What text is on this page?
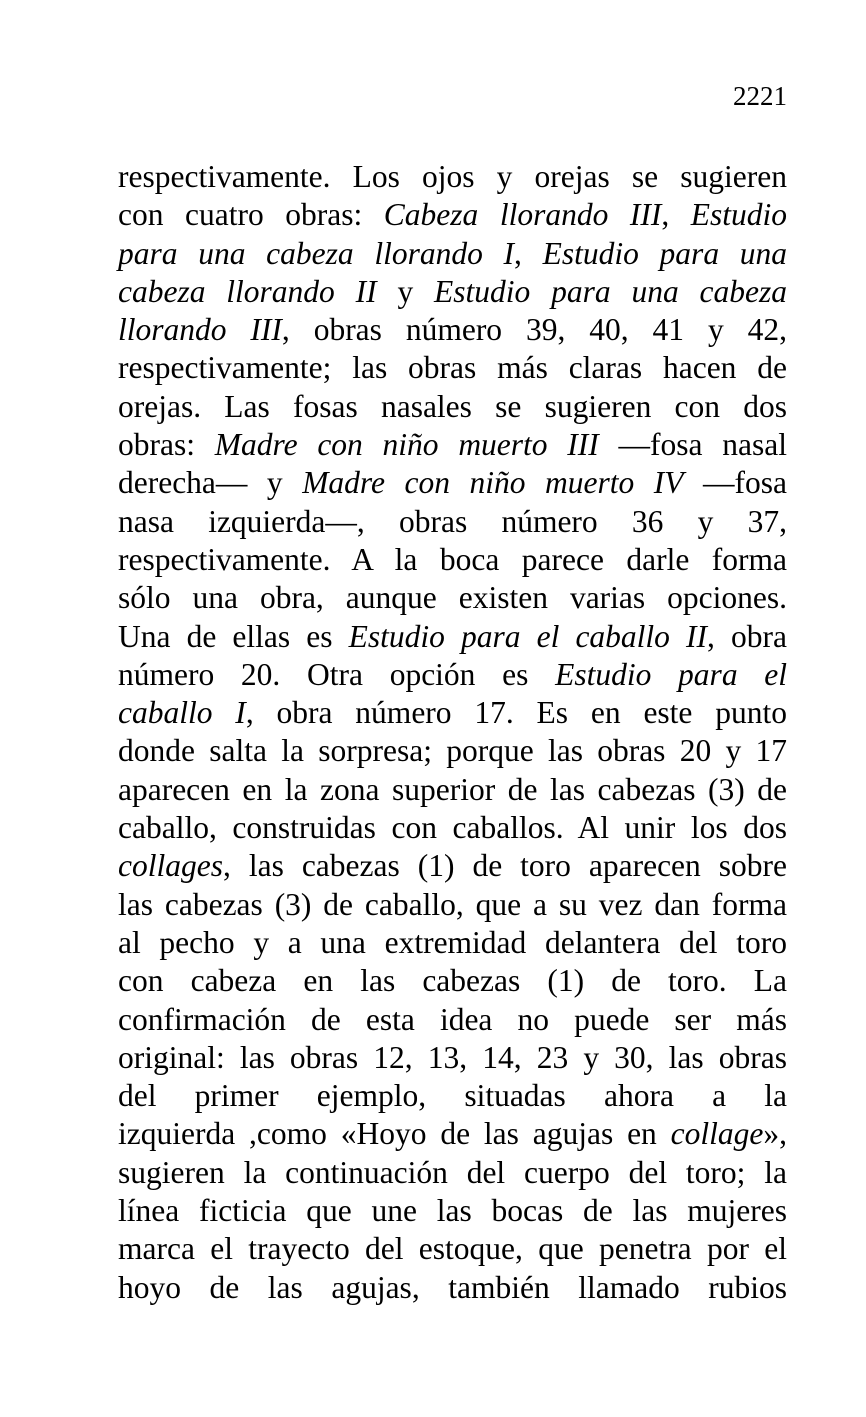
2221
respectivamente. Los ojos y orejas se sugieren
con cuatro obras: Cabeza llorando III, Estudio
para una cabeza llorando I, Estudio para una
cabeza llorando II y Estudio para una cabeza
llorando III, obras número 39, 40, 41 y 42,
respectivamente; las obras más claras hacen de
orejas. Las fosas nasales se sugieren con dos
obras: Madre con niño muerto III —fosa nasal
derecha— y Madre con niño muerto IV —fosa
nasa izquierda—, obras número 36 y 37,
respectivamente. A la boca parece darle forma
sólo una obra, aunque existen varias opciones.
Una de ellas es Estudio para el caballo II, obra
número 20. Otra opción es Estudio para el
caballo I, obra número 17. Es en este punto
donde salta la sorpresa; porque las obras 20 y 17
aparecen en la zona superior de las cabezas (3) de
caballo, construidas con caballos. Al unir los dos
collages, las cabezas (1) de toro aparecen sobre
las cabezas (3) de caballo, que a su vez dan forma
al pecho y a una extremidad delantera del toro
con cabeza en las cabezas (1) de toro. La
confirmación de esta idea no puede ser más
original: las obras 12, 13, 14, 23 y 30, las obras
del primer ejemplo, situadas ahora a la
izquierda ,como «Hoyo de las agujas en collage»,
sugieren la continuación del cuerpo del toro; la
línea ficticia que une las bocas de las mujeres
marca el trayecto del estoque, que penetra por el
hoyo de las agujas, también llamado rubios
